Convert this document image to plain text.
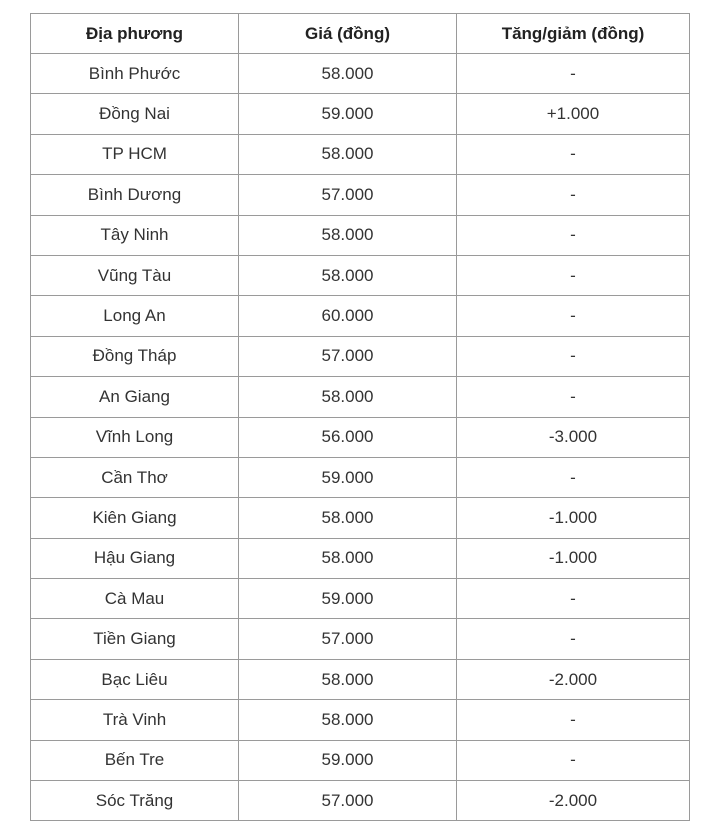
Địa phương	Giá (đồng)	Tăng/giảm (đồng)
Bình Phước	58.000	-
Đồng Nai	59.000	+1.000
TP HCM	58.000	-
Bình Dương	57.000	-
Tây Ninh	58.000	-
Vũng Tàu	58.000	-
Long An	60.000	-
Đồng Tháp	57.000	-
An Giang	58.000	-
Vĩnh Long	56.000	-3.000
Cần Thơ	59.000	-
Kiên Giang	58.000	-1.000
Hậu Giang	58.000	-1.000
Cà Mau	59.000	-
Tiền Giang	57.000	-
Bạc Liêu	58.000	-2.000
Trà Vinh	58.000	-
Bến Tre	59.000	-
Sóc Trăng	57.000	-2.000
